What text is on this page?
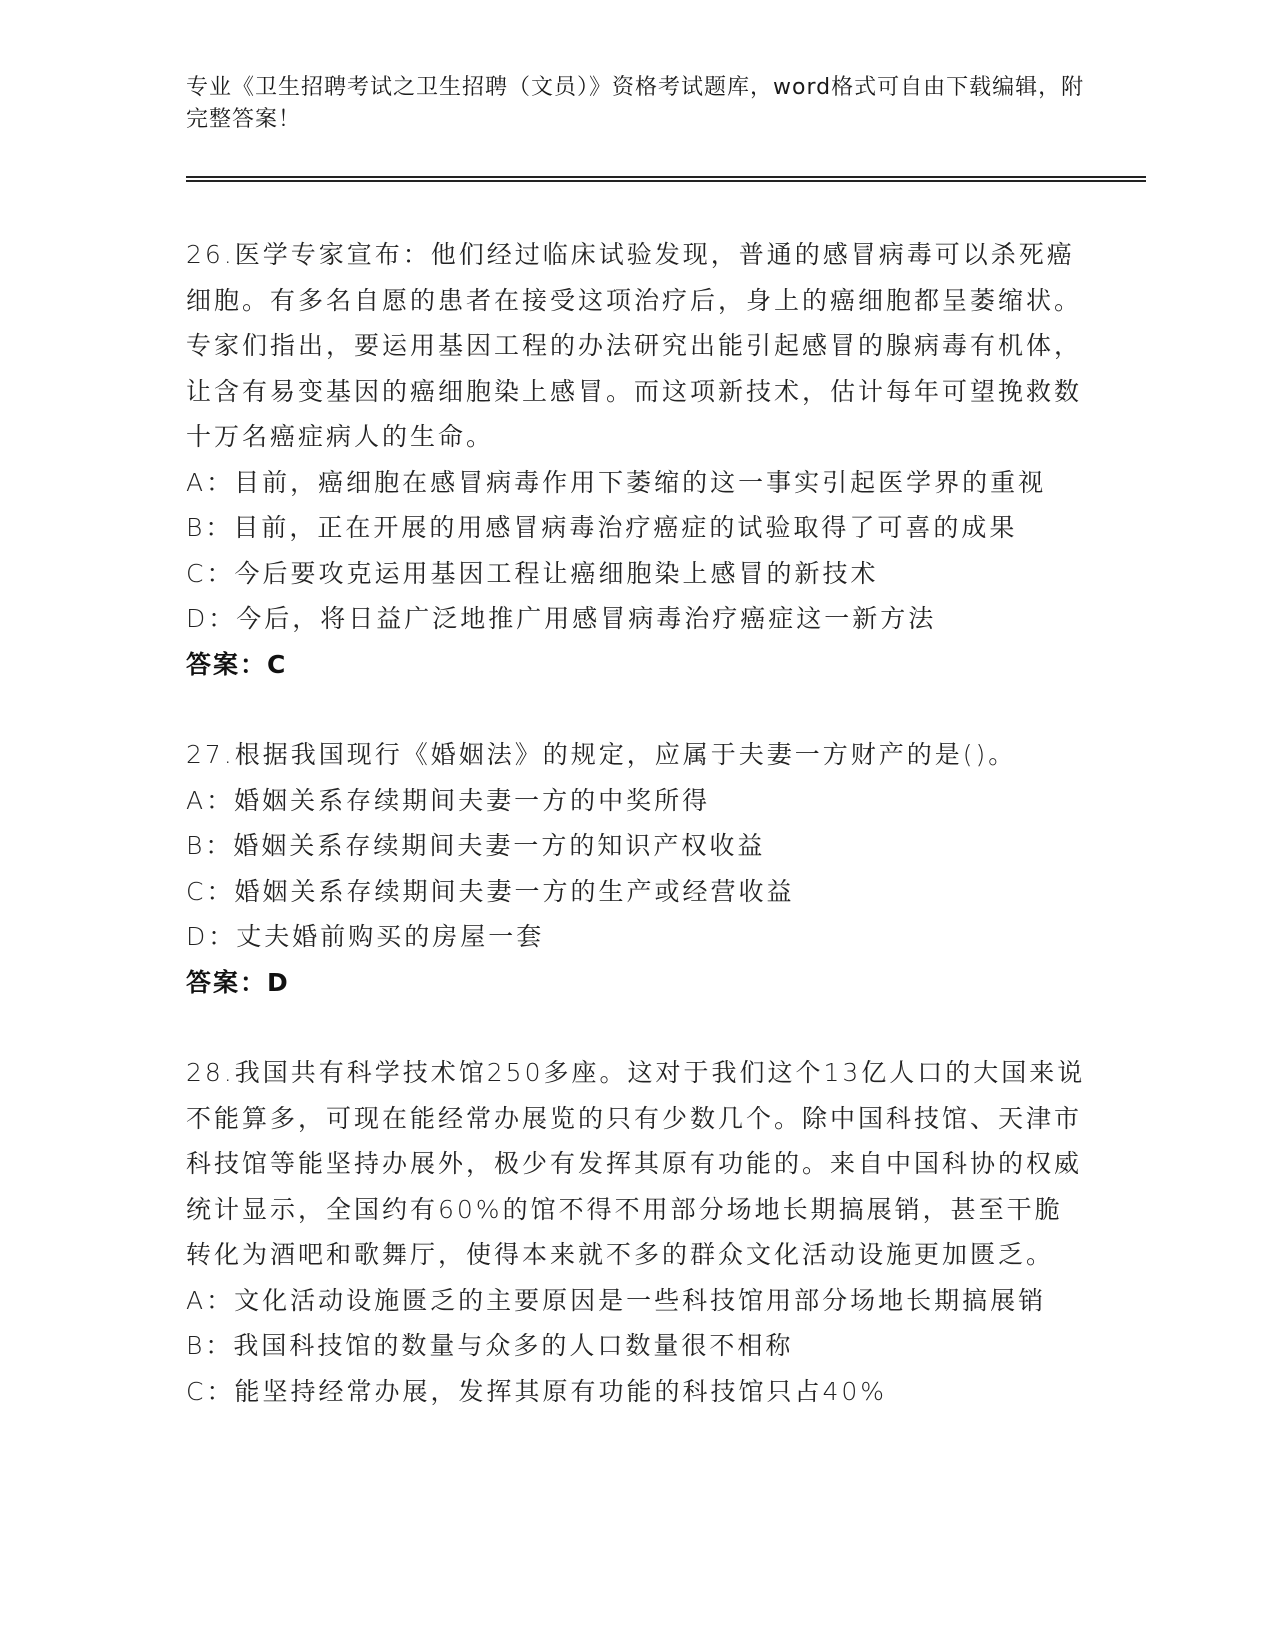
专业《卫生招聘考试之卫生招聘（文员）》资格考试题库，word格式可自由下载编辑，附完整答案！

26.医学专家宣布：他们经过临床试验发现，普通的感冒病毒可以杀死癌细胞。有多名自愿的患者在接受这项治疗后，身上的癌细胞都呈萎缩状。专家们指出，要运用基因工程的办法研究出能引起感冒的腺病毒有机体，让含有易变基因的癌细胞染上感冒。而这项新技术，估计每年可望挽救数十万名癌症病人的生命。

A：目前，癌细胞在感冒病毒作用下萎缩的这一事实引起医学界的重视

B：目前，正在开展的用感冒病毒治疗癌症的试验取得了可喜的成果

C：今后要攻克运用基因工程让癌细胞染上感冒的新技术

D：今后，将日益广泛地推广用感冒病毒治疗癌症这一新方法

答案：C

27.根据我国现行《婚姻法》的规定，应属于夫妻一方财产的是()。

A：婚姻关系存续期间夫妻一方的中奖所得

B：婚姻关系存续期间夫妻一方的知识产权收益

C：婚姻关系存续期间夫妻一方的生产或经营收益

D：丈夫婚前购买的房屋一套

答案：D

28.我国共有科学技术馆250多座。这对于我们这个13亿人口的大国来说不能算多，可现在能经常办展览的只有少数几个。除中国科技馆、天津市科技馆等能坚持办展外，极少有发挥其原有功能的。来自中国科协的权威统计显示，全国约有60%的馆不得不用部分场地长期搞展销，甚至干脆转化为酒吧和歌舞厅，使得本来就不多的群众文化活动设施更加匮乏。

A：文化活动设施匮乏的主要原因是一些科技馆用部分场地长期搞展销

B：我国科技馆的数量与众多的人口数量很不相称

C：能坚持经常办展，发挥其原有功能的科技馆只占40%
